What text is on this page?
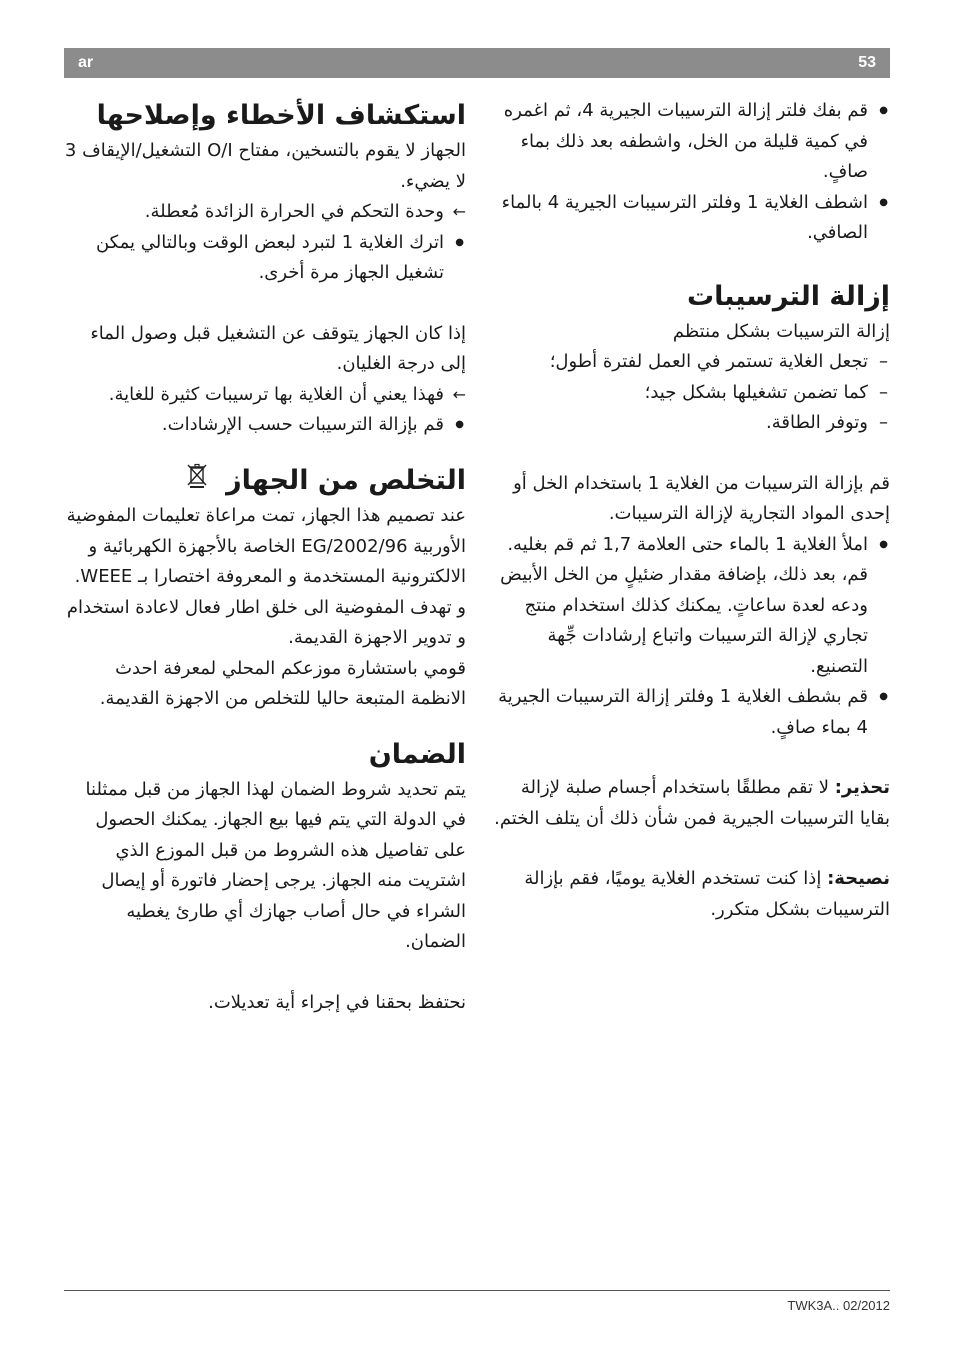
ar	53
● قم بفك فلتر إزالة الترسيبات الجيرية 4، ثم اغمره في كمية قليلة من الخل، واشطفه بعد ذلك بماء صافٍ.
● اشطف الغلاية 1 وفلتر الترسيبات الجيرية 4 بالماء الصافي.
إزالة الترسيبات

إزالة الترسيبات بشكل منتظم

– تجعل الغلاية تستمر في العمل لفترة أطول؛

– كما تضمن تشغيلها بشكل جيد؛

– وتوفر الطاقة.

قم بإزالة الترسيبات من الغلاية 1 باستخدام الخل أو إحدى المواد التجارية لإزالة الترسيبات.

● املأ الغلاية 1 بالماء حتى العلامة 1,7 ثم قم بغليه. قم، بعد ذلك، بإضافة مقدار ضئيلٍ من الخل الأبيض ودعه لعدة ساعاتٍ. يمكنك كذلك استخدام منتج تجاري لإزالة الترسيبات واتباع إرشادات جِّهة التصنيع.
● قم بشطف الغلاية 1 وفلتر إزالة الترسيبات الجيرية 4 بماء صافٍ.

تحذير: لا تقم مطلقًا باستخدام أجسام صلبة لإزالة بقايا الترسيبات الجيرية فمن شأن ذلك أن يتلف الختم.

نصيحة: إذا كنت تستخدم الغلاية يوميًا، فقم بإزالة الترسيبات بشكل متكرر.

استكشاف الأخطاء وإصلاحها

الجهاز لا يقوم بالتسخين، مفتاح O/I التشغيل/الإيقاف 3 لا يضيء.

← وحدة التحكم في الحرارة الزائدة مُعطلة.

● اترك الغلاية 1 لتبرد لبعض الوقت وبالتالي يمكن تشغيل الجهاز مرة أخرى.

إذا كان الجهاز يتوقف عن التشغيل قبل وصول الماء إلى درجة الغليان.

← فهذا يعني أن الغلاية بها ترسيبات كثيرة للغاية.

● قم بإزالة الترسيبات حسب الإرشادات.
التخلص من الجهاز

عند تصميم هذا الجهاز، تمت مراعاة تعليمات المفوضية الأوربية 2002/96/EG الخاصة بالأجهزة الكهربائية و الالكترونية المستخدمة و المعروفة اختصارا بـ WEEE. و تهدف المفوضية الى خلق اطار فعال لاعادة استخدام و تدوير الاجهزة القديمة.

قومي باستشارة موزعكم المحلي لمعرفة احدث الانظمة المتبعة حاليا للتخلص من الاجهزة القديمة.

الضمان

يتم تحديد شروط الضمان لهذا الجهاز من قبل ممثلنا في الدولة التي يتم فيها بيع الجهاز. يمكنك الحصول على تفاصيل هذه الشروط من قبل الموزع الذي اشتريت منه الجهاز. يرجى إحضار فاتورة أو إيصال الشراء في حال أصاب جهازك أي طارئ يغطيه الضمان.

نحتفظ بحقنا في إجراء أية تعديلات.

TWK3A.. 02/2012
